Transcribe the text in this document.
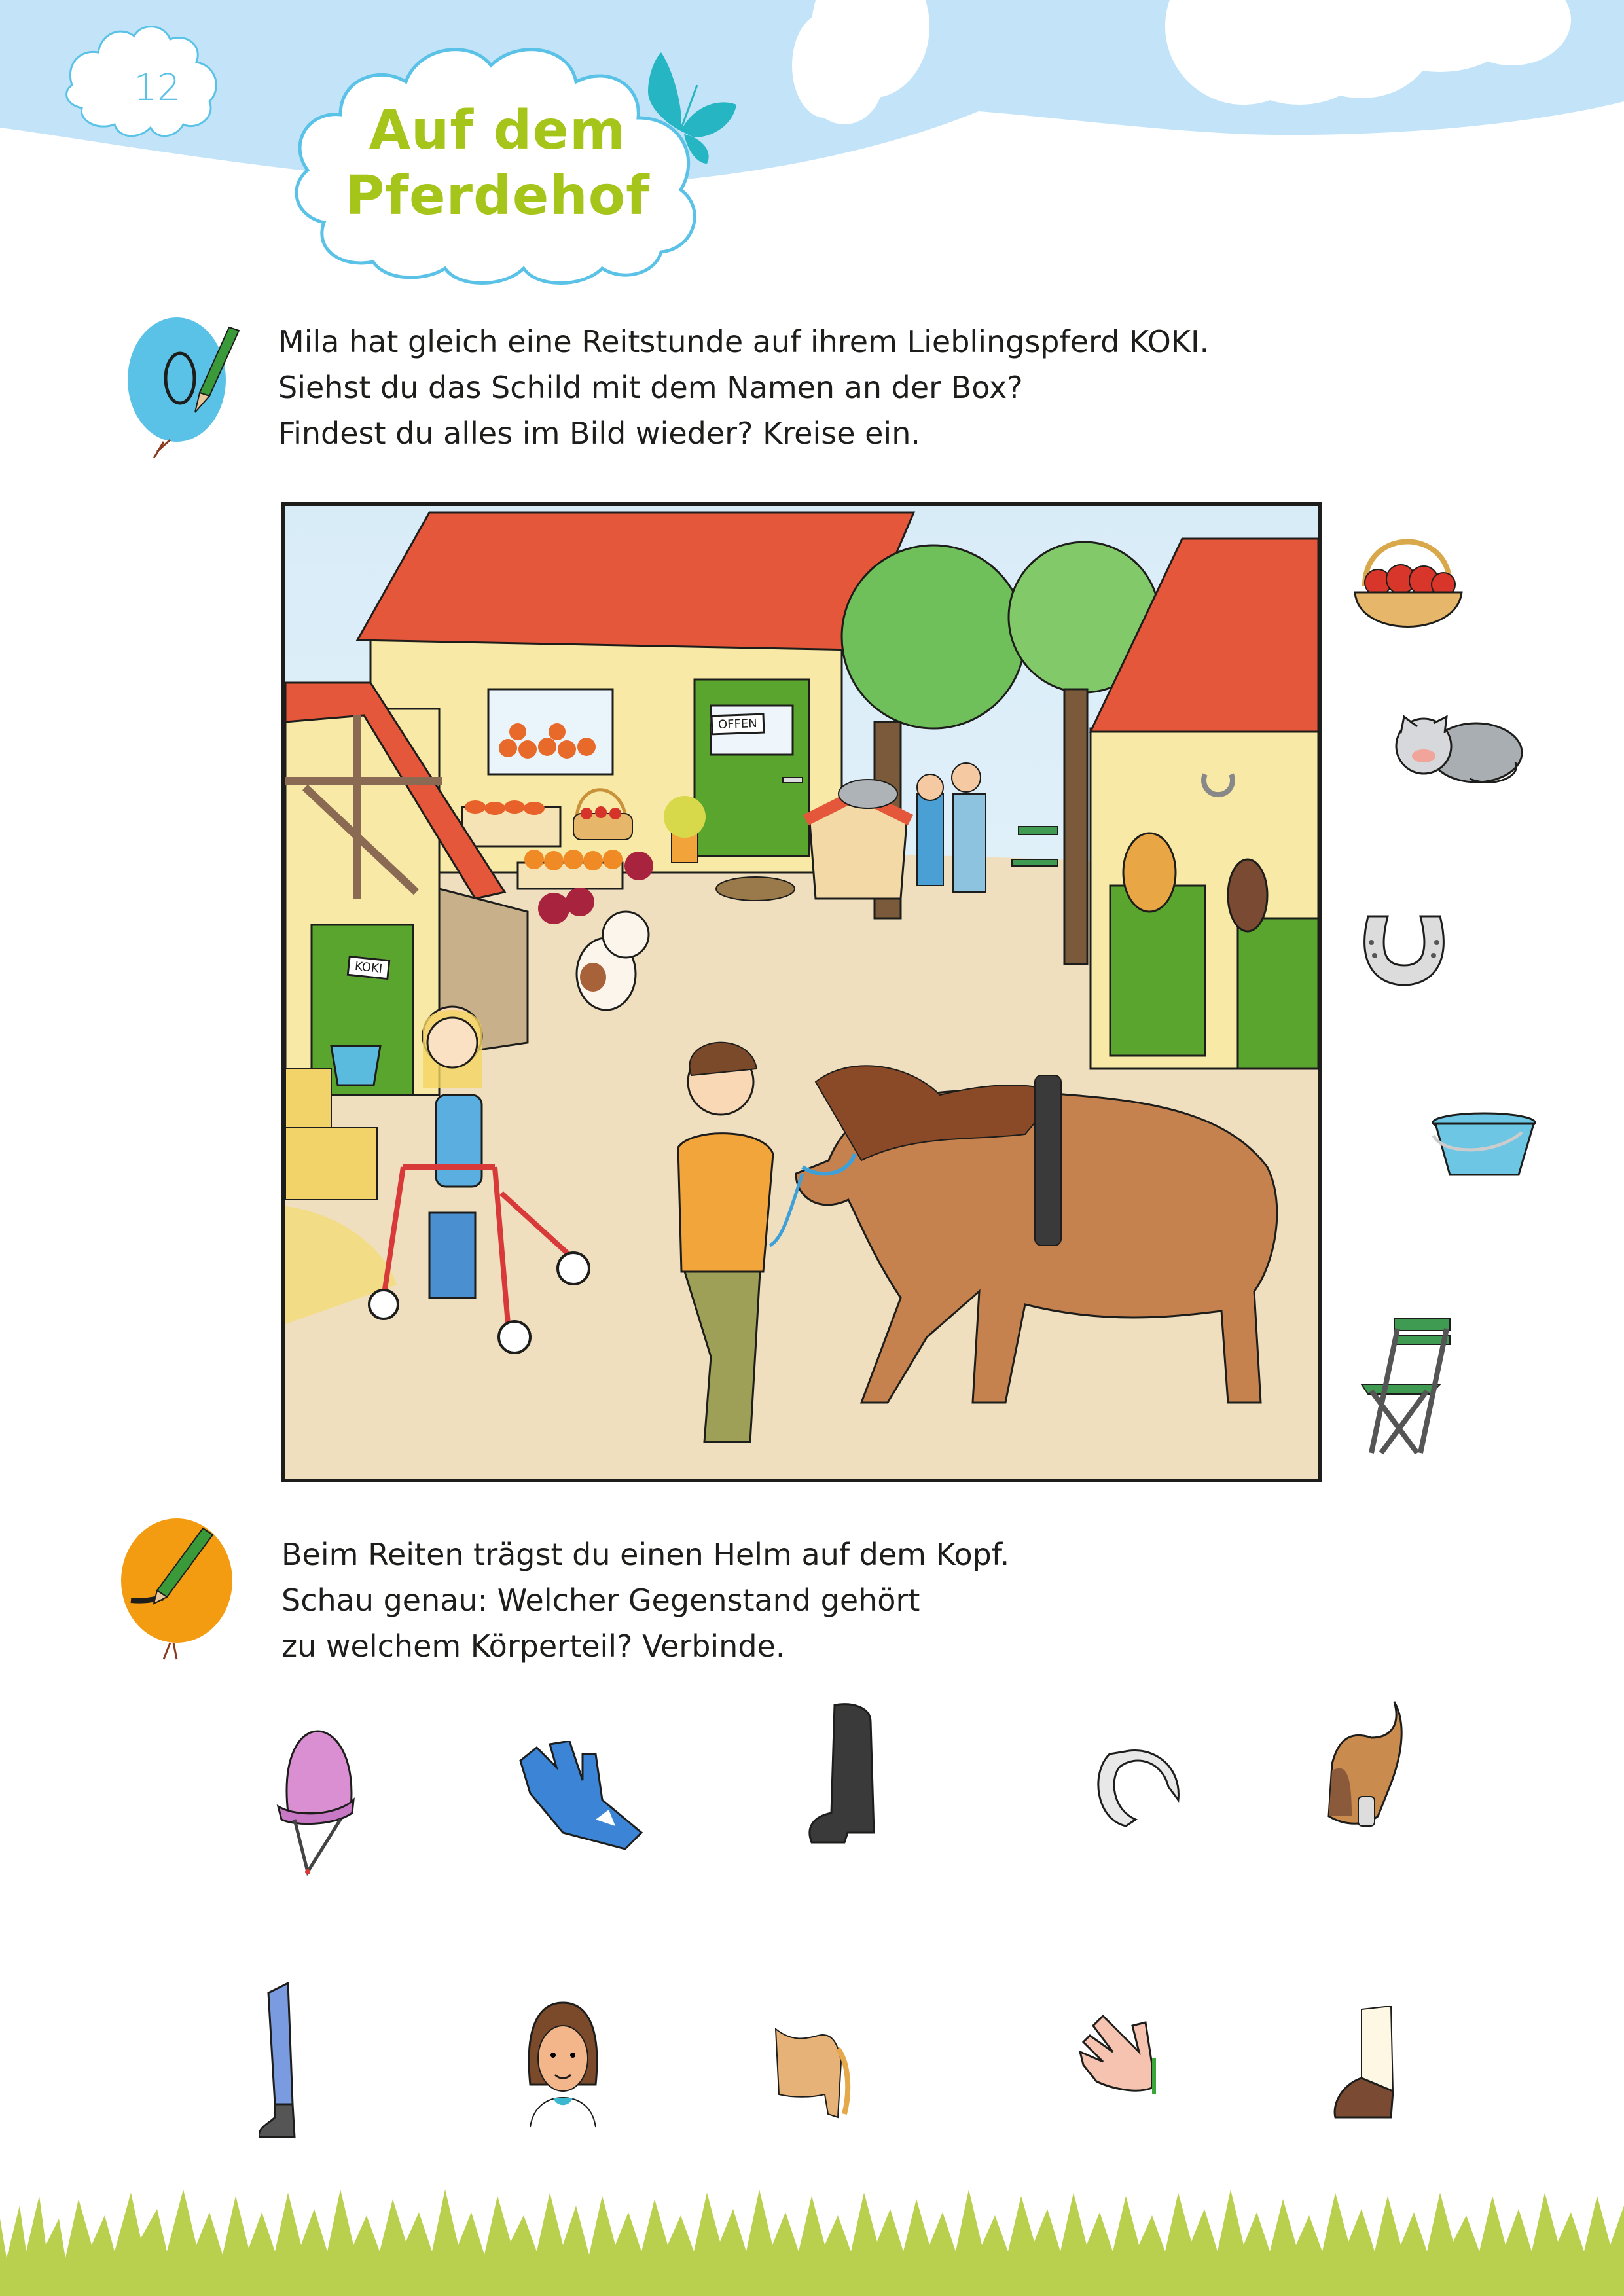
12
Auf dem
Pferdehof
Mila hat gleich eine Reitstunde auf ihrem Lieblingspferd KOKI.
Siehst du das Schild mit dem Namen an der Box?
Findest du alles im Bild wieder? Kreise ein.
OFFEN
KOKI
Beim Reiten trägst du einen Helm auf dem Kopf.
Schau genau: Welcher Gegenstand gehört
zu welchem Körperteil? Verbinde.
